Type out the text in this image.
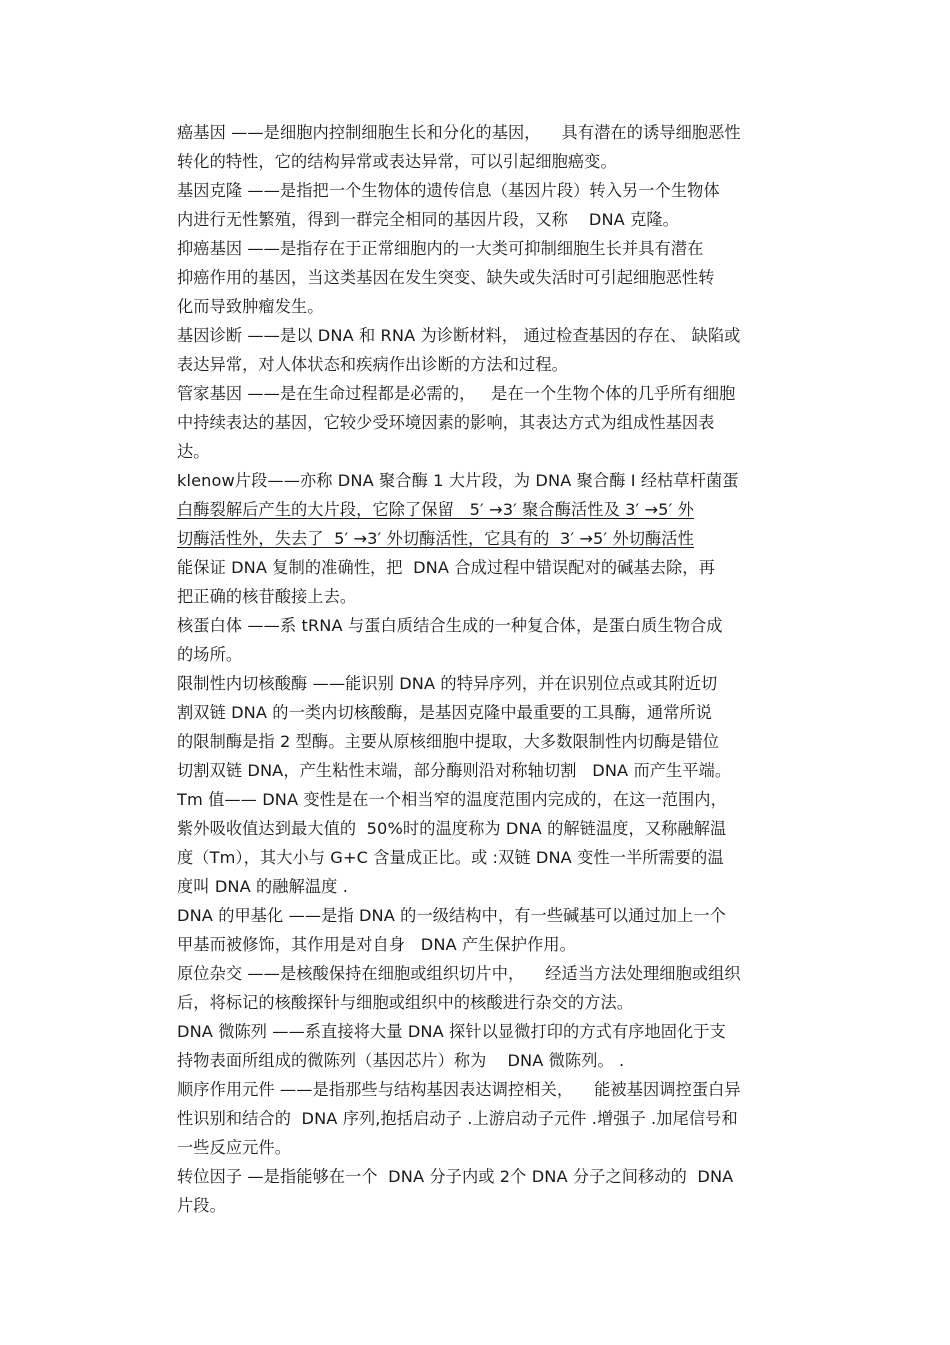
癌基因 ——是细胞内控制细胞生长和分化的基因，    具有潜在的诱导细胞恶性
转化的特性，它的结构异常或表达异常，可以引起细胞癌变。
基因克隆 ——是指把一个生物体的遗传信息（基因片段）转入另一个生物体
内进行无性繁殖，得到一群完全相同的基因片段，又称    DNA 克隆。
抑癌基因 ——是指存在于正常细胞内的一大类可抑制细胞生长并具有潜在
抑癌作用的基因，当这类基因在发生突变、缺失或失活时可引起细胞恶性转
化而导致肿瘤发生。
基因诊断 ——是以 DNA 和 RNA 为诊断材料， 通过检查基因的存在、 缺陷或
表达异常，对人体状态和疾病作出诊断的方法和过程。
管家基因 ——是在生命过程都是必需的，   是在一个生物个体的几乎所有细胞
中持续表达的基因，它较少受环境因素的影响，其表达方式为组成性基因表
达。
klenow片段——亦称 DNA 聚合酶 1 大片段，为 DNA 聚合酶 I 经枯草杆菌蛋
白酶裂解后产生的大片段，它除了保留   5′ →3′ 聚合酶活性及 3′ →5′ 外
切酶活性外，失去了  5′ →3′ 外切酶活性，它具有的  3′ →5′ 外切酶活性
能保证 DNA 复制的准确性，把  DNA 合成过程中错误配对的碱基去除，再
把正确的核苷酸接上去。
核蛋白体 ——系 tRNA 与蛋白质结合生成的一种复合体，是蛋白质生物合成
的场所。
限制性内切核酸酶 ——能识别 DNA 的特异序列，并在识别位点或其附近切
割双链 DNA 的一类内切核酸酶，是基因克隆中最重要的工具酶，通常所说
的限制酶是指 2 型酶。主要从原核细胞中提取，大多数限制性内切酶是错位
切割双链 DNA，产生粘性末端，部分酶则沿对称轴切割   DNA 而产生平端。
Tm 值—— DNA 变性是在一个相当窄的温度范围内完成的，在这一范围内，
紫外吸收值达到最大值的  50%时的温度称为 DNA 的解链温度，又称融解温
度（Tm），其大小与 G+C 含量成正比。或 :双链 DNA 变性一半所需要的温
度叫 DNA 的融解温度 .
DNA 的甲基化 ——是指 DNA 的一级结构中，有一些碱基可以通过加上一个
甲基而被修饰，其作用是对自身   DNA 产生保护作用。
原位杂交 ——是核酸保持在细胞或组织切片中，    经适当方法处理细胞或组织
后，将标记的核酸探针与细胞或组织中的核酸进行杂交的方法。
DNA 微陈列 ——系直接将大量 DNA 探针以显微打印的方式有序地固化于支
持物表面所组成的微陈列（基因芯片）称为    DNA 微陈列。 .
顺序作用元件 ——是指那些与结构基因表达调控相关，    能被基因调控蛋白异
性识别和结合的  DNA 序列,抱括启动子 .上游启动子元件 .增强子 .加尾信号和
一些反应元件。
转位因子 —是指能够在一个  DNA 分子内或 2个 DNA 分子之间移动的  DNA
片段。
